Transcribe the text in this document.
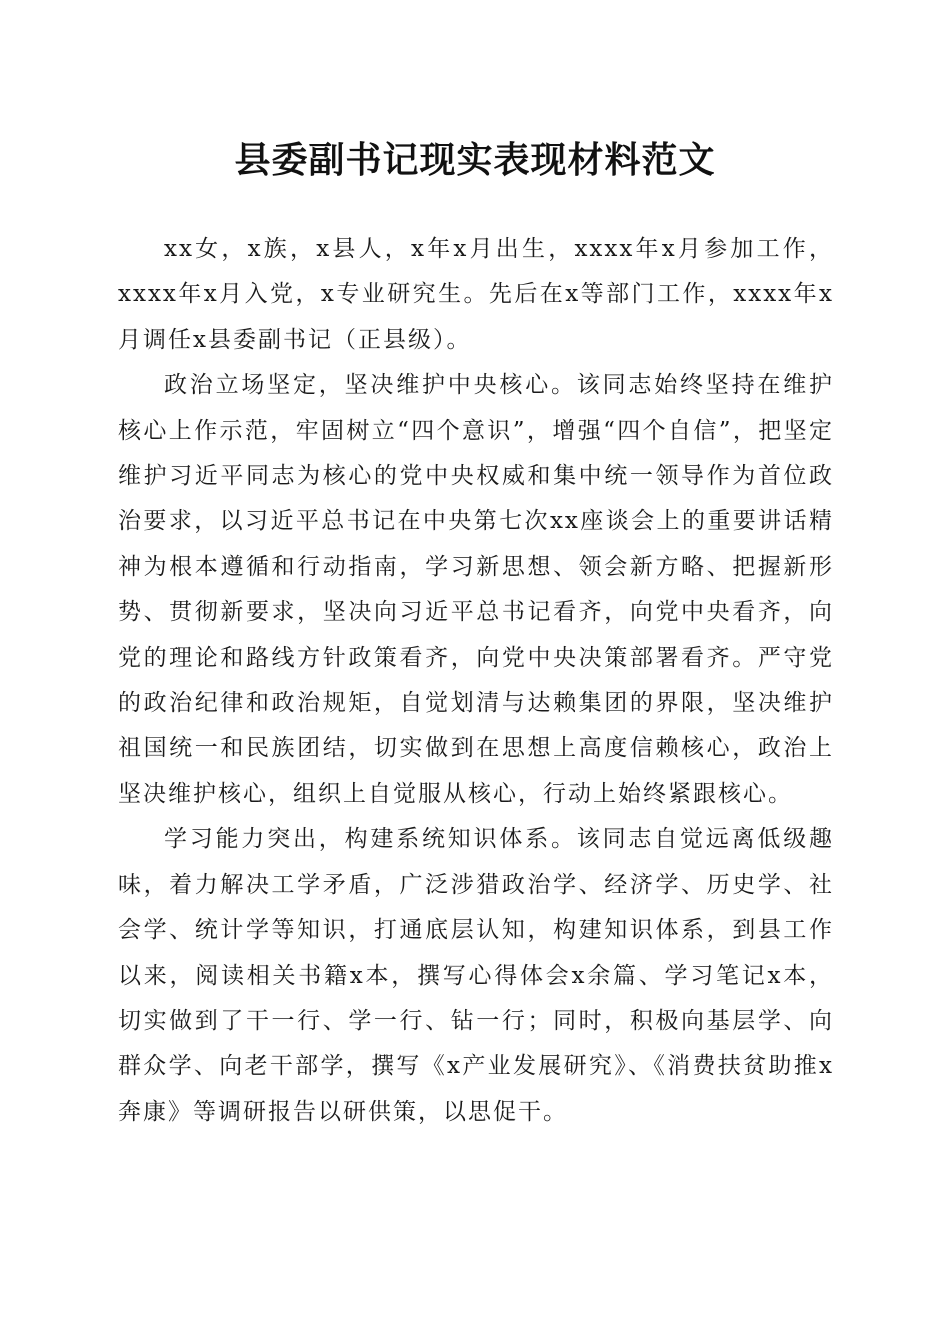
县委副书记现实表现材料范文

xx女，x族，x县人，x年x月出生，xxxx年x月参加工作，xxxx年x月入党，x专业研究生。先后在x等部门工作，xxxx年x月调任x县委副书记（正县级）。

政治立场坚定，坚决维护中央核心。该同志始终坚持在维护核心上作示范，牢固树立“四个意识”，增强“四个自信”，把坚定维护习近平同志为核心的党中央权威和集中统一领导作为首位政治要求，以习近平总书记在中央第七次xx座谈会上的重要讲话精神为根本遵循和行动指南，学习新思想、领会新方略、把握新形势、贯彻新要求，坚决向习近平总书记看齐，向党中央看齐，向党的理论和路线方针政策看齐，向党中央决策部署看齐。严守党的政治纪律和政治规矩，自觉划清与达赖集团的界限，坚决维护祖国统一和民族团结，切实做到在思想上高度信赖核心，政治上坚决维护核心，组织上自觉服从核心，行动上始终紧跟核心。

学习能力突出，构建系统知识体系。该同志自觉远离低级趣味，着力解决工学矛盾，广泛涉猎政治学、经济学、历史学、社会学、统计学等知识，打通底层认知，构建知识体系，到县工作以来，阅读相关书籍x本，撰写心得体会x余篇、学习笔记x本，切实做到了干一行、学一行、钻一行；同时，积极向基层学、向群众学、向老干部学，撰写《x产业发展研究》、《消费扶贫助推x奔康》等调研报告以研供策，以思促干。
